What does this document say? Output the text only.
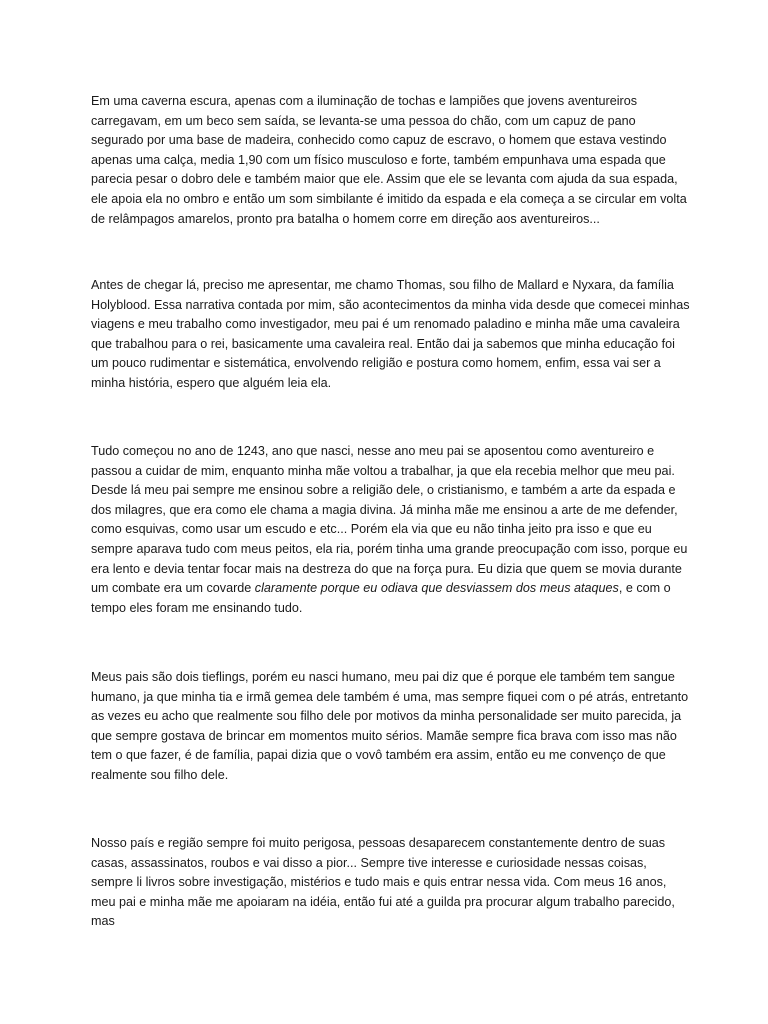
Em uma caverna escura, apenas com a iluminação de tochas e lampiões que jovens aventureiros carregavam, em um beco sem saída, se levanta-se uma pessoa do chão, com um capuz de pano segurado por uma base de madeira, conhecido como capuz de escravo, o homem que estava vestindo apenas uma calça, media 1,90 com um físico musculoso e forte, também empunhava uma espada que parecia pesar o dobro dele e também maior que ele. Assim que ele se levanta com ajuda da sua espada, ele apoia ela no ombro e então um som simbilante é imitido da espada e ela começa a se circular em volta de relâmpagos amarelos, pronto pra batalha o homem corre em direção aos aventureiros...

Antes de chegar lá, preciso me apresentar, me chamo Thomas, sou filho de Mallard e Nyxara, da família Holyblood. Essa narrativa contada por mim, são acontecimentos da minha vida desde que comecei minhas viagens e meu trabalho como investigador, meu pai é um renomado paladino e minha mãe uma cavaleira que trabalhou para o rei, basicamente uma cavaleira real. Então dai ja sabemos que minha educação foi um pouco rudimentar e sistemática, envolvendo religião e postura como homem, enfim, essa vai ser a minha história, espero que alguém leia ela.

Tudo começou no ano de 1243, ano que nasci, nesse ano meu pai se aposentou como aventureiro e passou a cuidar de mim, enquanto minha mãe voltou a trabalhar, ja que ela recebia melhor que meu pai. Desde lá meu pai sempre me ensinou sobre a religião dele, o cristianismo, e também a arte da espada e dos milagres, que era como ele chama a magia divina. Já minha mãe me ensinou a arte de me defender, como esquivas, como usar um escudo e etc... Porém ela via que eu não tinha jeito pra isso e que eu sempre aparava tudo com meus peitos, ela ria, porém tinha uma grande preocupação com isso, porque eu era lento e devia tentar focar mais na destreza do que na força pura. Eu dizia que quem se movia durante um combate era um covarde claramente porque eu odiava que desviassem dos meus ataques, e com o tempo eles foram me ensinando tudo.

Meus pais são dois tieflings, porém eu nasci humano, meu pai diz que é porque ele também tem sangue humano, ja que minha tia e irmã gemea dele também é uma, mas sempre fiquei com o pé atrás, entretanto as vezes eu acho que realmente sou filho dele por motivos da minha personalidade ser muito parecida, ja que sempre gostava de brincar em momentos muito sérios. Mamãe sempre fica brava com isso mas não tem o que fazer, é de família, papai dizia que o vovô também era assim, então eu me convenço de que realmente sou filho dele.

Nosso país e região sempre foi muito perigosa, pessoas desaparecem constantemente dentro de suas casas, assassinatos, roubos e vai disso a pior... Sempre tive interesse e curiosidade nessas coisas, sempre li livros sobre investigação, mistérios e tudo mais e quis entrar nessa vida. Com meus 16 anos, meu pai e minha mãe me apoiaram na idéia, então fui até a guilda pra procurar algum trabalho parecido, mas
